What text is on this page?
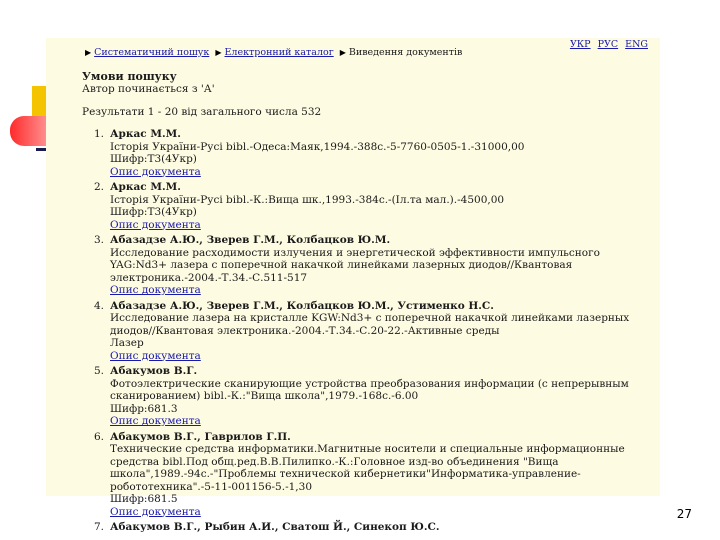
▶ Систематичний пошук ▶ Електронний каталог ▶ Виведення документів
УКР РУС ENG
Умови пошуку
Автор починається з 'А'
Результати 1 - 20 від загального числа 532
1. Аркас М.М.
Історія України-Русі bibl.-Одеса:Маяк,1994.-388с.-5-7760-0505-1.-31000,00
Шифр:Т3(4Укр)
Опис документа
2. Аркас М.М.
Історія України-Русі bibl.-К.:Вища шк.,1993.-384с.-(Іл.та мал.).-4500,00
Шифр:Т3(4Укр)
Опис документа
3. Абазадзе А.Ю., Зверев Г.М., Колбацков Ю.М.
Исследование расходимости излучения и энергетической эффективности импульсного YAG:Nd3+ лазера с поперечной накачкой линейками лазерных диодов//Квантовая электроника.-2004.-Т.34.-С.511-517
Опис документа
4. Абазадзе А.Ю., Зверев Г.М., Колбацков Ю.М., Устименко Н.С.
Исследование лазера на кристалле KGW:Nd3+ с поперечной накачкой линейками лазерных диодов//Квантовая электроника.-2004.-Т.34.-С.20-22.-Активные среды
Лазер
Опис документа
5. Абакумов В.Г.
Фотоэлектрические сканирующие устройства преобразования информации (с непрерывным сканированием) bibl.-К.:"Вища школа",1979.-168с.-6.00
Шифр:681.3
Опис документа
6. Абакумов В.Г., Гаврилов Г.П.
Технические средства информатики.Магнитные носители и специальные информационные средства bibl.Под общ.ред.В.В.Пилипко.-К.:Головное изд-во объединения "Вища школа",1989.-94с.-"Проблемы технической кибернетики"Информатика-управление-робототехника".-5-11-001156-5.-1,30
Шифр:681.5
Опис документа
7. Абакумов В.Г., Рыбин А.И., Сватош Й., Синекоп Ю.С.
27
